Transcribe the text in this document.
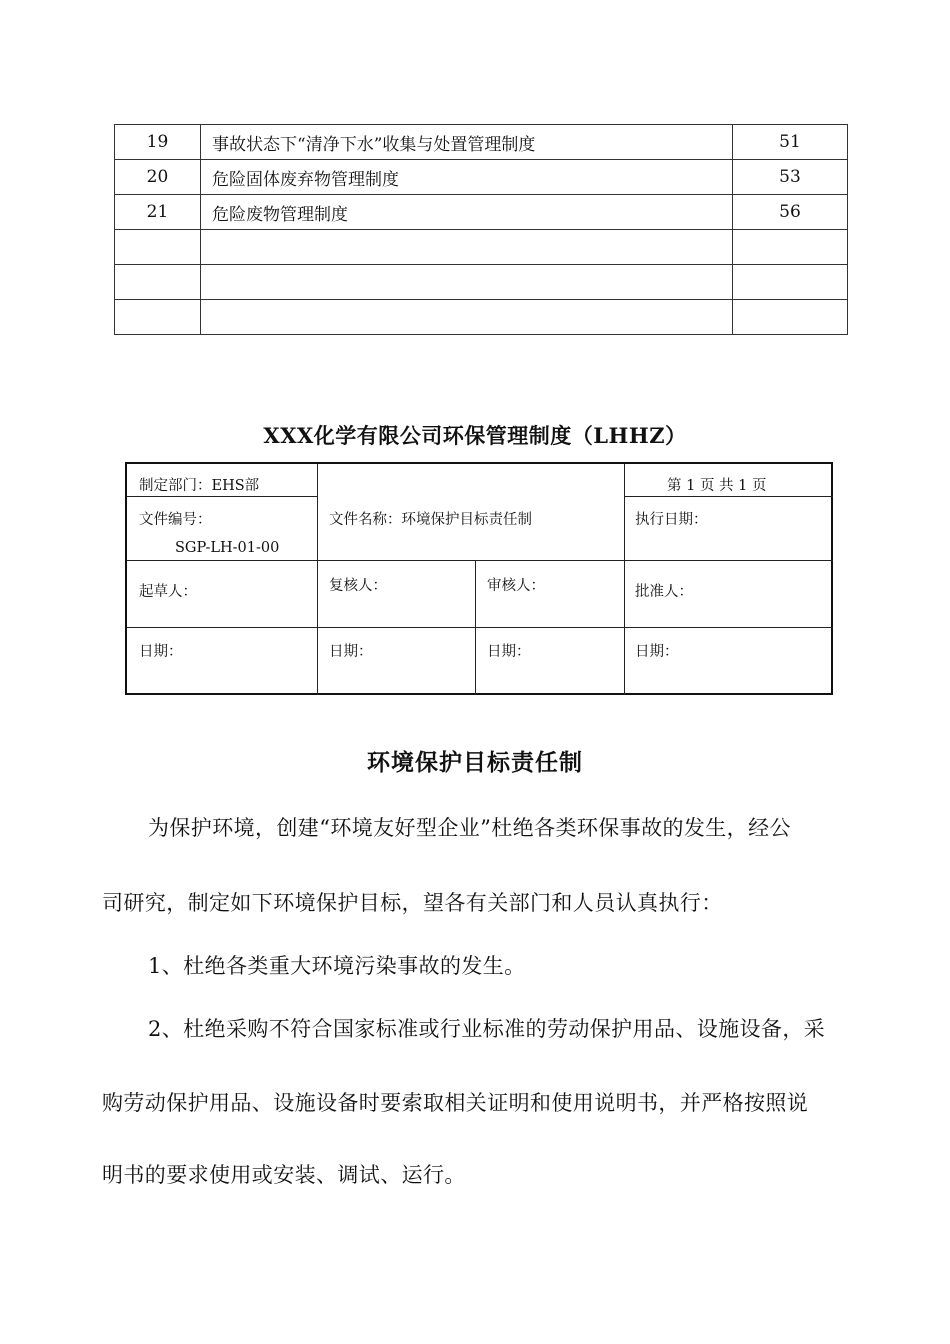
19	事故状态下“清净下水”收集与处置管理制度	51
20	危险固体废弃物管理制度	53
21	危险废物管理制度	56

XXX化学有限公司环保管理制度（LHHZ）
制定部门：EHS部	第 1 页 共 1 页
文件编号：
SGP-LH-01-00
文件名称：环境保护目标责任制	执行日期：
起草人：	复核人：	审核人：	批准人：
日期：	日期：	日期：	日期：
环境保护目标责任制
为保护环境，创建“环境友好型企业”杜绝各类环保事故的发生，经公
司研究，制定如下环境保护目标，望各有关部门和人员认真执行：
1、杜绝各类重大环境污染事故的发生。
2、杜绝采购不符合国家标准或行业标准的劳动保护用品、设施设备，采
购劳动保护用品、设施设备时要索取相关证明和使用说明书，并严格按照说
明书的要求使用或安装、调试、运行。
